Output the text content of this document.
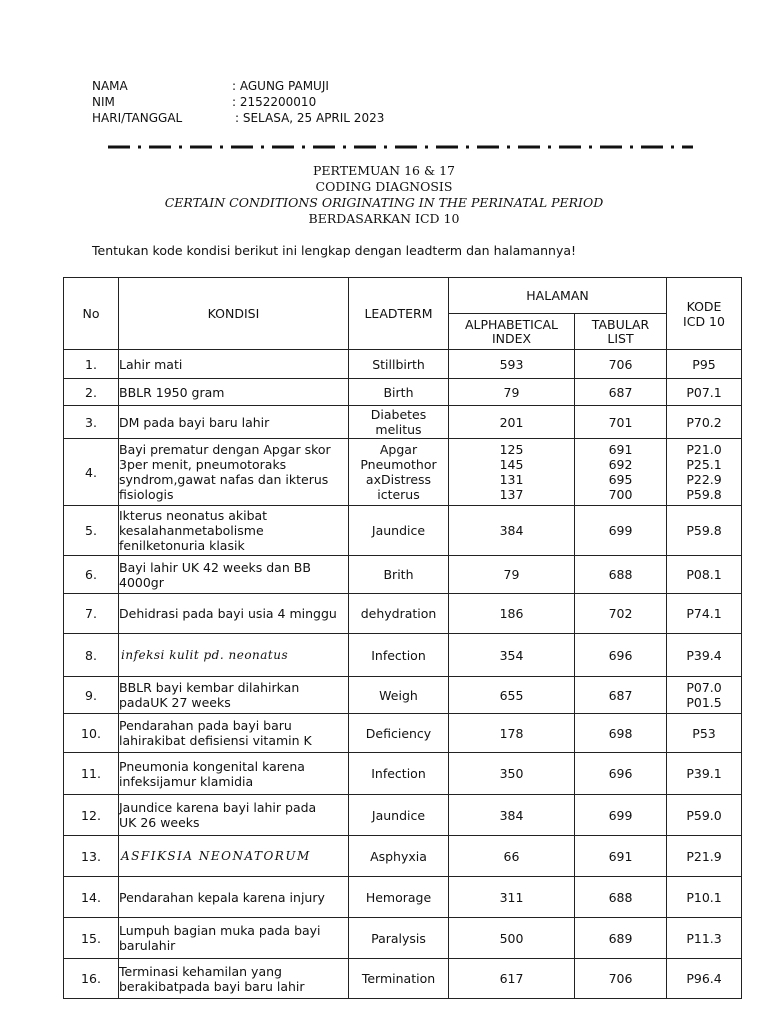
NAMA	: AGUNG PAMUJI
NIM	: 2152200010
HARI/TANGGAL	: SELASA, 25 APRIL 2023
PERTEMUAN 16 & 17
CODING DIAGNOSIS
CERTAIN CONDITIONS ORIGINATING IN THE PERINATAL PERIOD
BERDASARKAN ICD 10
Tentukan kode kondisi berikut ini lengkap dengan leadterm dan halamannya!
No	KONDISI	LEADTERM	HALAMAN		KODE
ICD 10

			ALPHABETICAL
INDEX	TABULAR
LIST	

1.	Lahir mati	Stillbirth	593	706	P95

2.	BBLR 1950 gram	Birth	79	687	P07.1

3.	DM pada bayi baru lahir	Diabetes
melitus	201	701	P70.2

4.	Bayi prematur dengan Apgar skor
3per menit, pneumotoraks
syndrom,gawat nafas dan ikterus
fisiologis	Apgar
Pneumothor
axDistress
icterus	125
145
131
137	691
692
695
700	P21.0
P25.1
P22.9
P59.8

5.	Ikterus neonatus akibat
kesalahanmetabolisme
fenilketonuria klasik	Jaundice	384	699	P59.8

6.	Bayi lahir UK 42 weeks dan BB
4000gr	Brith	79	688	P08.1

7.	Dehidrasi pada bayi usia 4 minggu	dehydration	186	702	P74.1

8.	infeksi kulit pd. neonatus	Infection	354	696	P39.4

9.	BBLR bayi kembar dilahirkan
padaUK 27 weeks	Weigh	655	687	P07.0
P01.5

10.	Pendarahan pada bayi baru
lahirakibat defisiensi vitamin K	Deficiency	178	698	P53

11.	Pneumonia kongenital karena
infeksijamur klamidia	Infection	350	696	P39.1

12.	Jaundice karena bayi lahir pada
UK 26 weeks	Jaundice	384	699	P59.0

13.	ASFIKSIA NEONATORUM	Asphyxia	66	691	P21.9

14.	Pendarahan kepala karena injury	Hemorage	311	688	P10.1

15.	Lumpuh bagian muka pada bayi
barulahir	Paralysis	500	689	P11.3

16.	Terminasi kehamilan yang
berakibatpada bayi baru lahir	Termination	617	706	P96.4
